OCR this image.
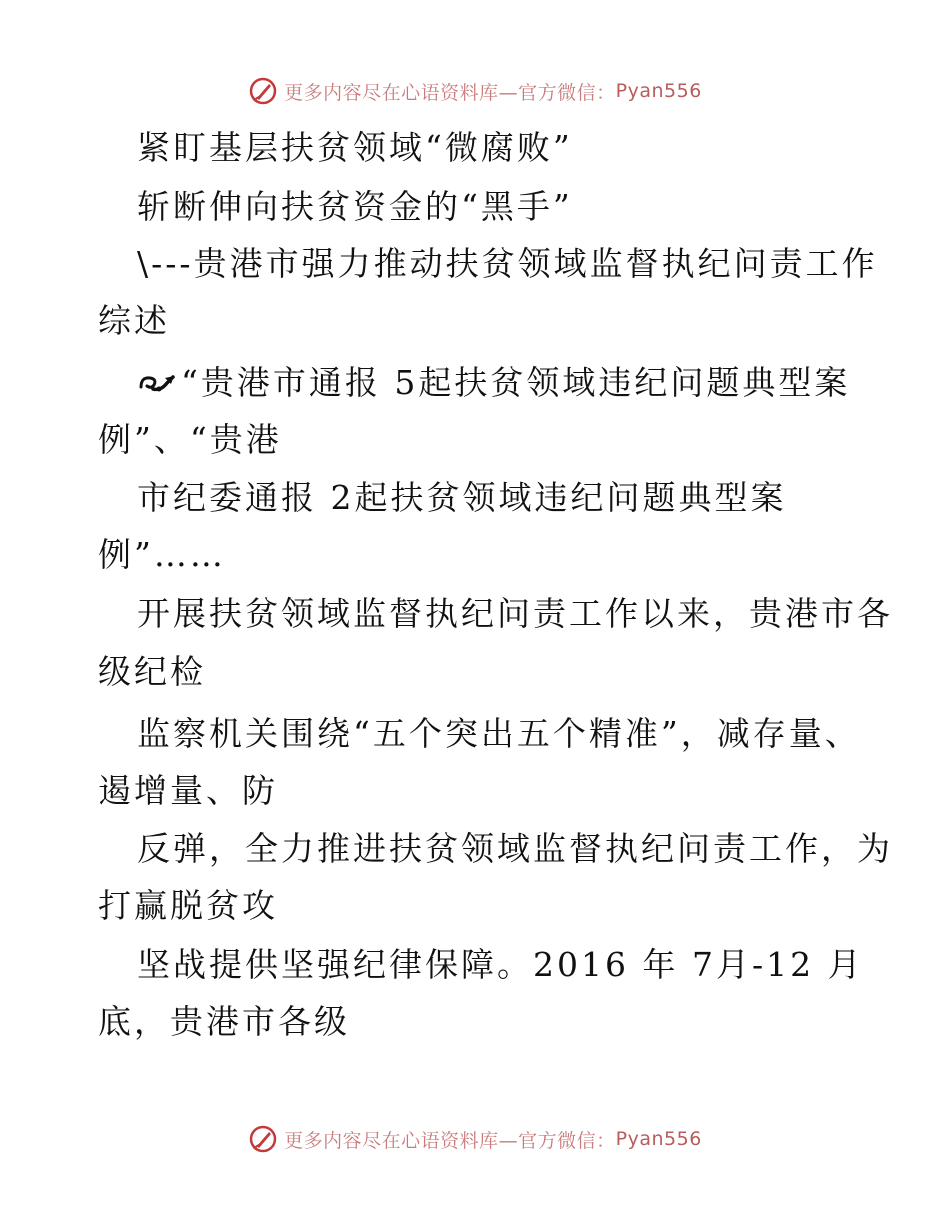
更多内容尽在心语资料库—官方微信： Pyan556
紧盯基层扶贫领域“微腐败”
斩断伸向扶贫资金的“黑手”
\---贵港市强力推动扶贫领域监督执纪问责工作
综述
“贵港市通报 5起扶贫领域违纪问题典型案
例”、“贵港
市纪委通报 2起扶贫领域违纪问题典型案
例”……
开展扶贫领域监督执纪问责工作以来，贵港市各
级纪检
监察机关围绕“五个突出五个精准”，减存量、
遏增量、防
反弹，全力推进扶贫领域监督执纪问责工作，为
打赢脱贫攻
坚战提供坚强纪律保障。2016 年 7月-12 月
底，贵港市各级
更多内容尽在心语资料库—官方微信： Pyan556
